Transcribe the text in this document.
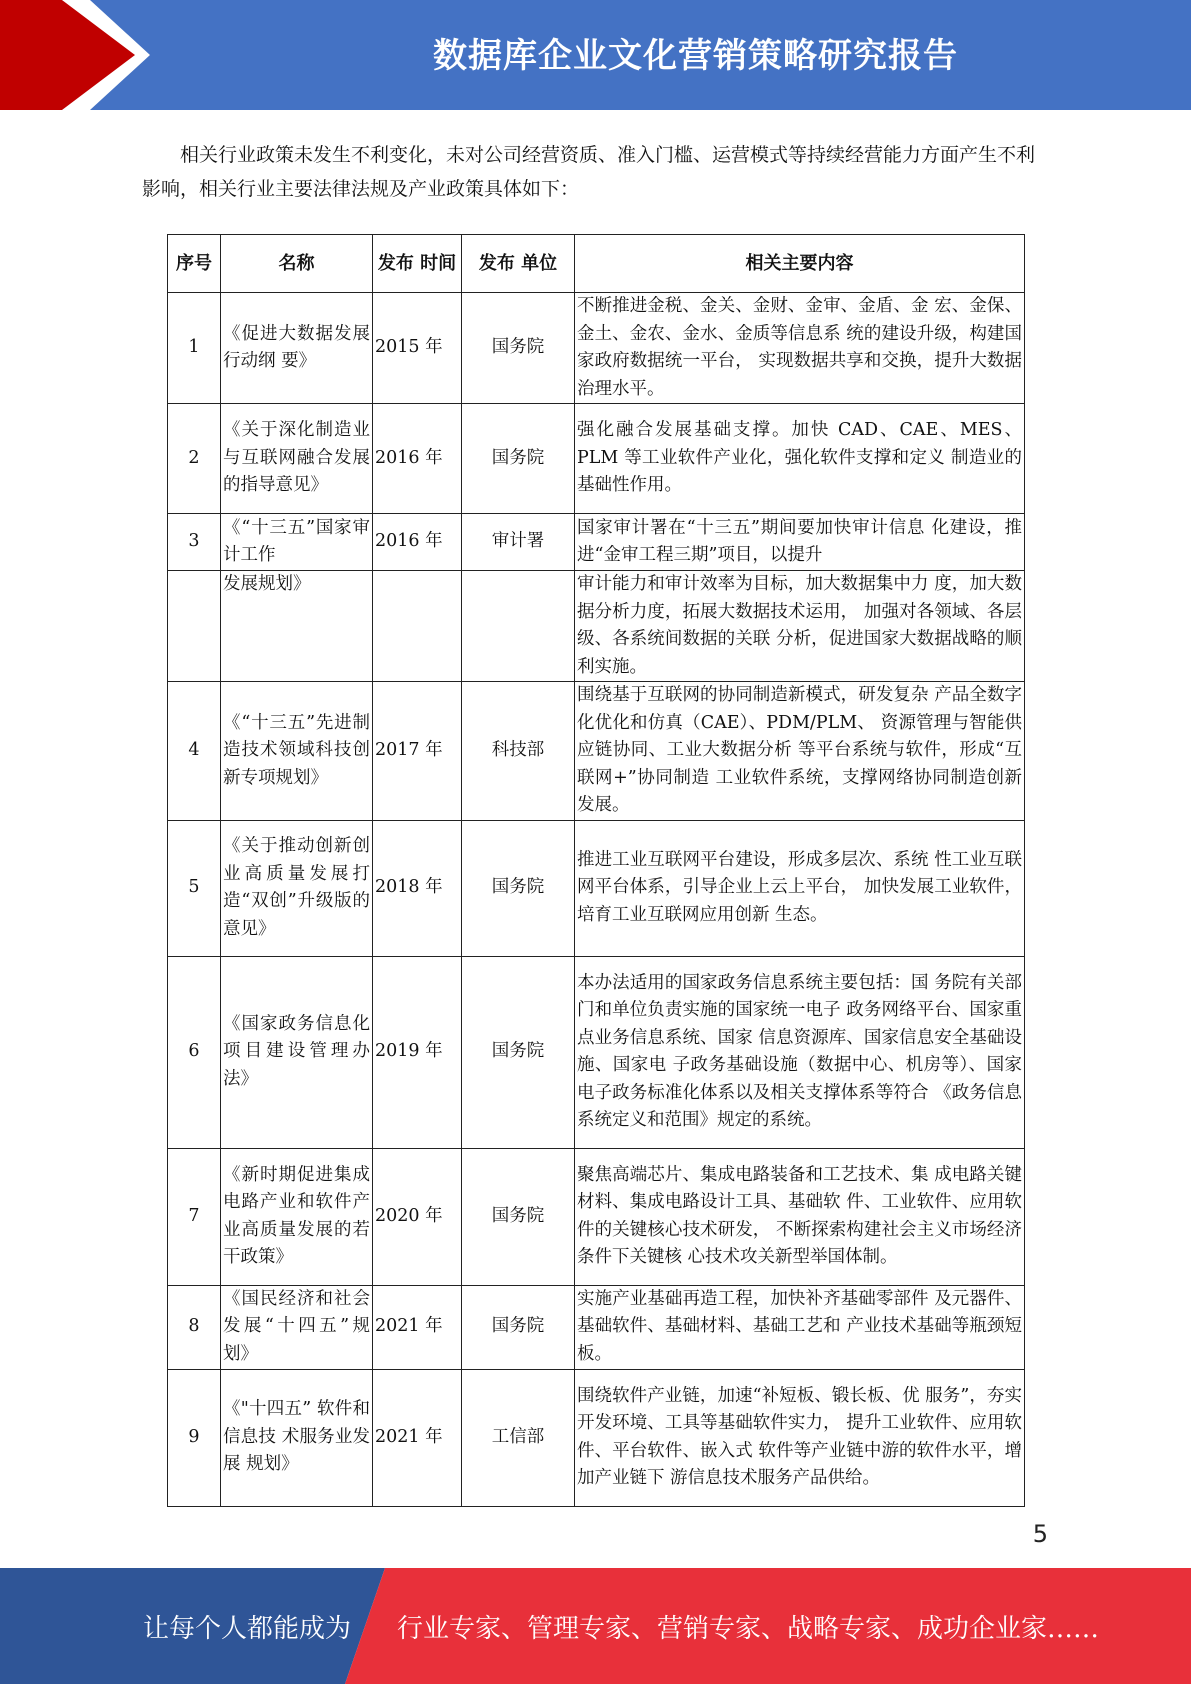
数据库企业文化营销策略研究报告
相关行业政策未发生不利变化，未对公司经营资质、准入门槛、运营模式等持续经营能力方面产生不利影响，相关行业主要法律法规及产业政策具体如下：
序号	名称	发布 时间	发布 单位	相关主要内容
1	《促进大数据发展行动纲 要》	2015 年	国务院	不断推进金税、金关、金财、金审、金盾、金 宏、金保、金土、金农、金水、金质等信息系 统的建设升级，构建国家政府数据统一平台， 实现数据共享和交换，提升大数据治理水平。
2	《关于深化制造业与互联网融合发展的指导意见》	2016 年	国务院	强化融合发展基础支撑。加快 CAD、CAE、MES、PLM 等工业软件产业化，强化软件支撑和定义 制造业的基础性作用。
3	《“十三五”国家审计工作	2016 年	审计署	国家审计署在“十三五”期间要加快审计信息 化建设，推进“金审工程三期”项目，以提升
	发展规划》			审计能力和审计效率为目标，加大数据集中力 度，加大数据分析力度，拓展大数据技术运用， 加强对各领域、各层级、各系统间数据的关联 分析，促进国家大数据战略的顺利实施。
4	《“十三五”先进制造技术领域科技创新专项规划》	2017 年	科技部	围绕基于互联网的协同制造新模式，研发复杂 产品全数字化优化和仿真（CAE）、PDM/PLM、 资源管理与智能供应链协同、工业大数据分析 等平台系统与软件，形成“互联网+”协同制造 工业软件系统，支撑网络协同制造创新发展。
5	《关于推动创新创业高质量发展打造“双创”升级版的意见》	2018 年	国务院	推进工业互联网平台建设，形成多层次、系统 性工业互联网平台体系，引导企业上云上平台， 加快发展工业软件，培育工业互联网应用创新 生态。
6	《国家政务信息化项目建设管理办法》	2019 年	国务院	本办法适用的国家政务信息系统主要包括：国 务院有关部门和单位负责实施的国家统一电子 政务网络平台、国家重点业务信息系统、国家 信息资源库、国家信息安全基础设施、国家电 子政务基础设施（数据中心、机房等）、国家 电子政务标准化体系以及相关支撑体系等符合 《政务信息系统定义和范围》规定的系统。
7	《新时期促进集成电路产业和软件产业高质量发展的若干政策》	2020 年	国务院	聚焦高端芯片、集成电路装备和工艺技术、集 成电路关键材料、集成电路设计工具、基础软 件、工业软件、应用软件的关键核心技术研发， 不断探索构建社会主义市场经济条件下关键核 心技术攻关新型举国体制。
8	《国民经济和社会发展“十四五”规划》	2021 年	国务院	实施产业基础再造工程，加快补齐基础零部件 及元器件、基础软件、基础材料、基础工艺和 产业技术基础等瓶颈短板。
9	《"十四五” 软件和信息技 术服务业发展 规划》	2021 年	工信部	围绕软件产业链，加速“补短板、锻长板、优 服务”，夯实开发环境、工具等基础软件实力， 提升工业软件、应用软件、平台软件、嵌入式 软件等产业链中游的软件水平，增加产业链下 游信息技术服务产品供给。
5
让每个人都能成为 行业专家、管理专家、营销专家、战略专家、成功企业家……
